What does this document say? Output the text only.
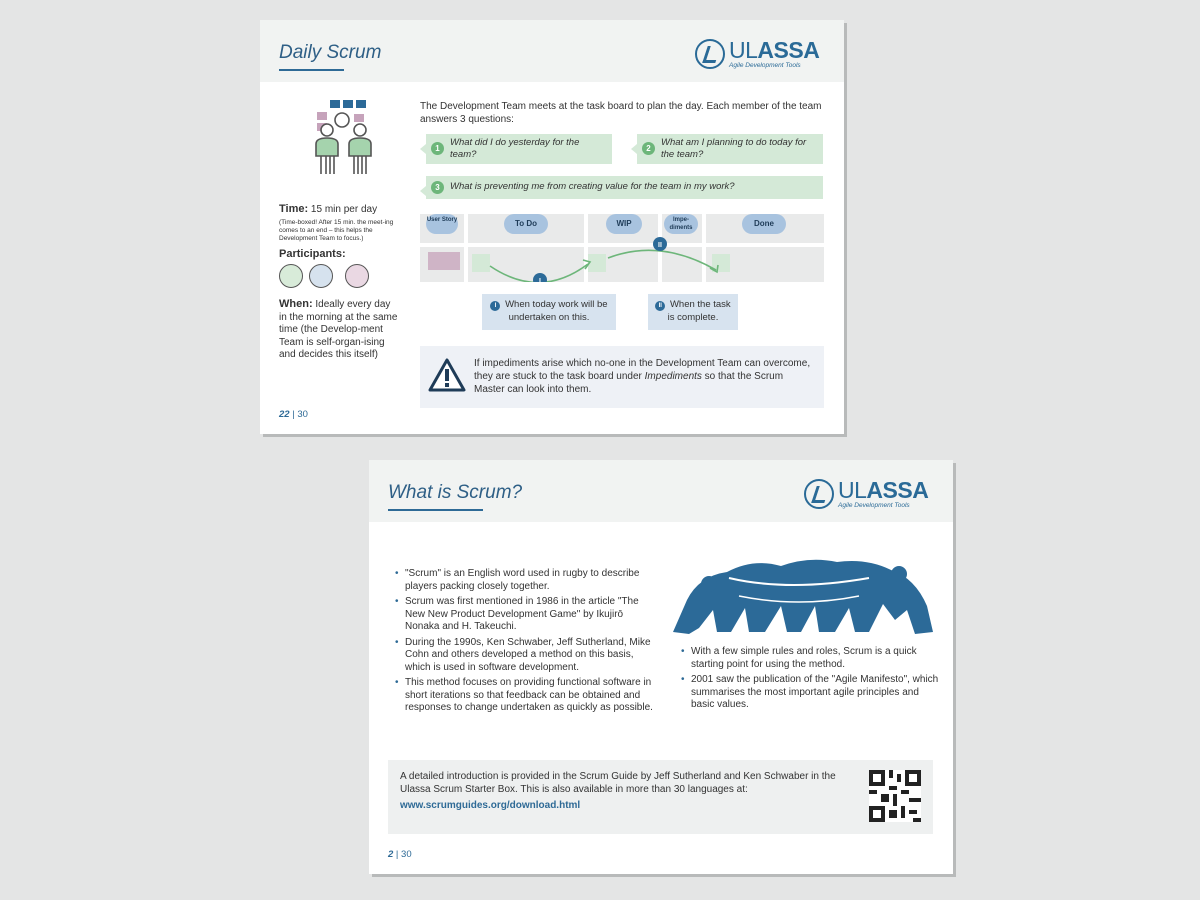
Daily Scrum	ULASSA
Agile Development Tools
Time: 15 min per day
(Time-boxed! After 15 min. the meet-ing comes to an end – this helps the Development Team to focus.)
Participants:
When: Ideally every day in the morning at the same time (the Develop-ment Team is self-organ-ising and decides this itself)
The Development Team meets at the task board to plan the day. Each member of the team answers 3 questions:
1
What did I do yesterday for the team?	2
What am I planning to do today for the team?
3	What is preventing me from creating value for the team in my work?
User Story	To Do	WIP	Impe-diments	Done
I
II
I When today work will be undertaken on this.
II When the task is complete.
If impediments arise which no-one in the Development Team can overcome, they are stuck to the task board under Impediments so that the Scrum Master can look into them.
22 | 30
What is Scrum?	ULASSA
Agile Development Tools
• "Scrum" is an English word used in rugby to describe players packing closely together.
• Scrum was first mentioned in 1986 in the article "The New New Product Development Game" by Ikujirō Nonaka and H. Takeuchi.
• During the 1990s, Ken Schwaber, Jeff Sutherland, Mike Cohn and others developed a method on this basis, which is used in software development.
• This method focuses on providing functional software in short iterations so that feedback can be obtained and responses to change undertaken as quickly as possible.
• With a few simple rules and roles, Scrum is a quick starting point for using the method.
• 2001 saw the publication of the "Agile Manifesto", which summarises the most important agile principles and basic values.
A detailed introduction is provided in the Scrum Guide by Jeff Sutherland and Ken Schwaber in the Ulassa Scrum Starter Box. This is also available in more than 30 languages at:
www.scrumguides.org/download.html
2 | 30
